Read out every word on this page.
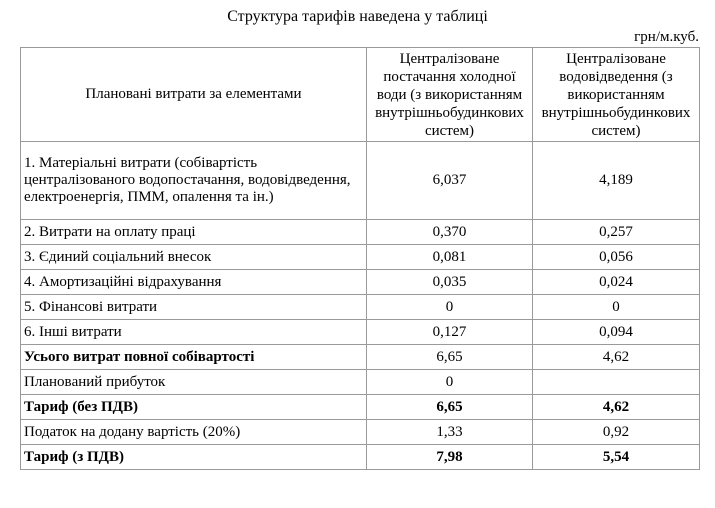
Структура тарифів наведена у таблиці
грн/м.куб.
Плановані витрати за елементами	Централізоване постачання холодної води (з використанням внутрішньобудинкових систем)	Централізоване водовідведення (з використанням внутрішньобудинкових систем)
1. Матеріальні витрати (собівартість централізованого водопостачання, водовідведення, електроенергія, ПММ, опалення та ін.)	6,037	4,189
2. Витрати на оплату праці	0,370	0,257
3. Єдиний соціальний внесок	0,081	0,056
4. Амортизаційні відрахування	0,035	0,024
5. Фінансові витрати	0	0
6. Інші витрати	0,127	0,094
Усього витрат повної собівартості	6,65	4,62
Плановaний прибуток	0	
Тариф (без ПДВ)	6,65	4,62
Податок на додану вартість (20%)	1,33	0,92
Тариф (з ПДВ)	7,98	5,54
